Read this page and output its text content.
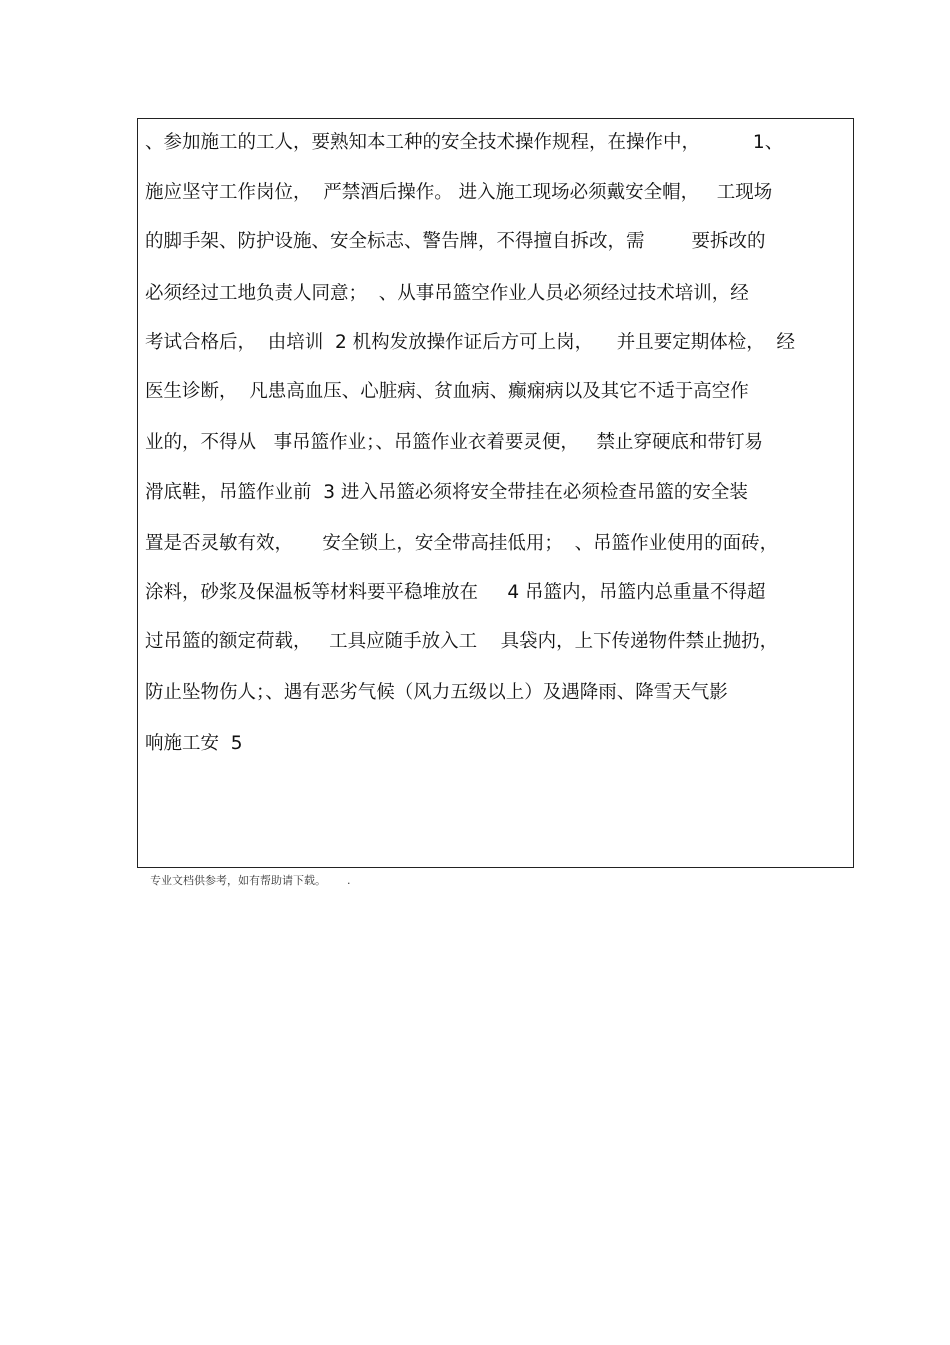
、参加施工的工人，要熟知本工种的安全技术操作规程，在操作中，         1、
施应坚守工作岗位，  严禁酒后操作。 进入施工现场必须戴安全帽，   工现场
的脚手架、防护设施、安全标志、警告牌，不得擅自拆改，需        要拆改的
必须经过工地负责人同意；  、从事吊篮空作业人员必须经过技术培训，经
考试合格后，  由培训  2 机构发放操作证后方可上岗，    并且要定期体检，  经
医生诊断，  凡患高血压、心脏病、贫血病、癫痫病以及其它不适于高空作
业的，不得从   事吊篮作业；、吊篮作业衣着要灵便，   禁止穿硬底和带钉易
滑底鞋，吊篮作业前  3 进入吊篮必须将安全带挂在必须检查吊篮的安全装
置是否灵敏有效，     安全锁上，安全带高挂低用；  、吊篮作业使用的面砖，
涂料，砂浆及保温板等材料要平稳堆放在     4 吊篮内，吊篮内总重量不得超
过吊篮的额定荷载，   工具应随手放入工    具袋内，上下传递物件禁止抛扔，
防止坠物伤人；、遇有恶劣气候（风力五级以上）及遇降雨、降雪天气影
响施工安  5
专业文档供参考，如有帮助请下载。      .
